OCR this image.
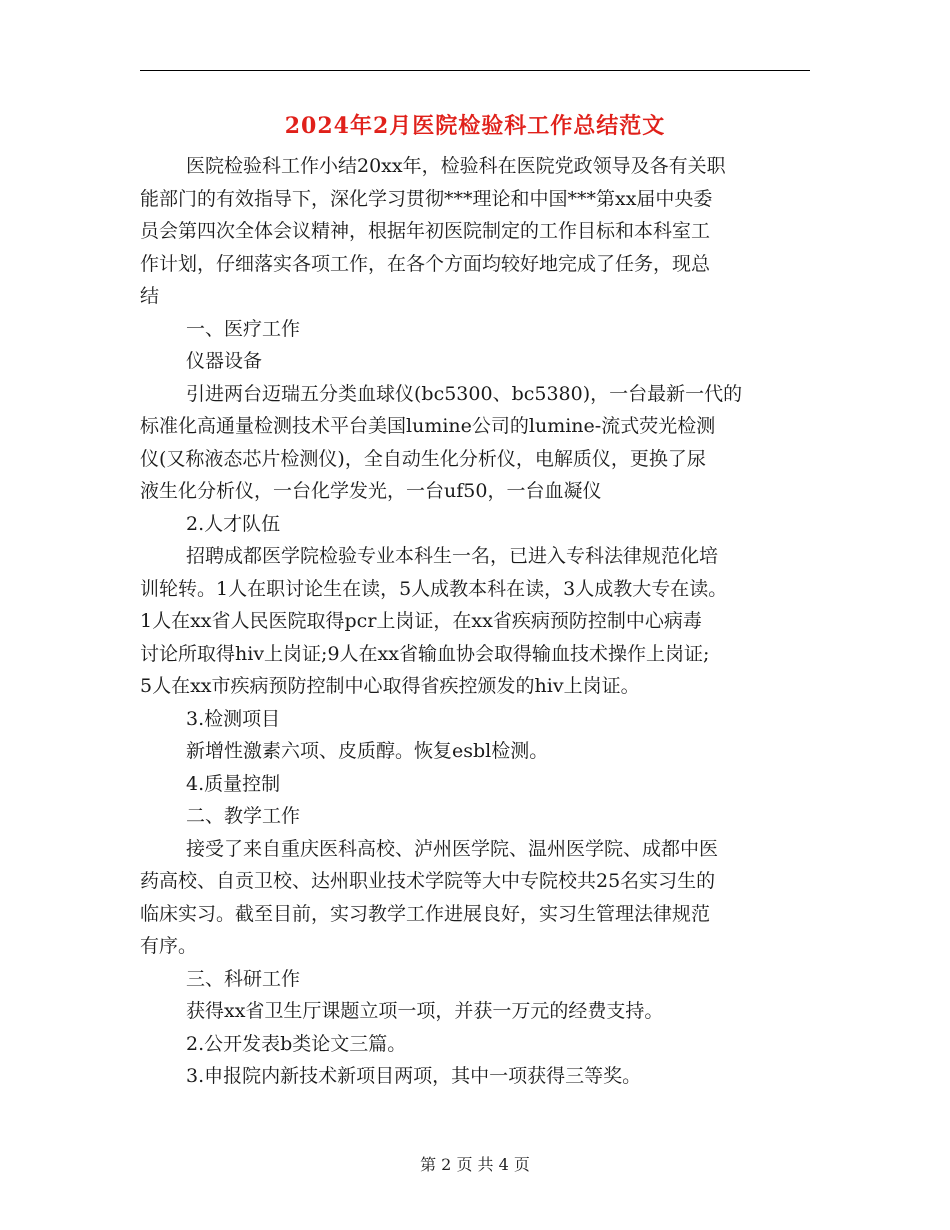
2024年2月医院检验科工作总结范文
医院检验科工作小结20xx年，检验科在医院党政领导及各有关职
能部门的有效指导下，深化学习贯彻***理论和中国***第xx届中央委
员会第四次全体会议精神，根据年初医院制定的工作目标和本科室工
作计划，仔细落实各项工作，在各个方面均较好地完成了任务，现总
结
一、医疗工作
仪器设备
引进两台迈瑞五分类血球仪(bc5300、bc5380)，一台最新一代的
标准化高通量检测技术平台美国lumine公司的lumine-流式荧光检测
仪(又称液态芯片检测仪)，全自动生化分析仪，电解质仪，更换了尿
液生化分析仪，一台化学发光，一台uf50，一台血凝仪
2.人才队伍
招聘成都医学院检验专业本科生一名，已进入专科法律规范化培
训轮转。1人在职讨论生在读，5人成教本科在读，3人成教大专在读。
1人在xx省人民医院取得pcr上岗证，在xx省疾病预防控制中心病毒
讨论所取得hiv上岗证;9人在xx省输血协会取得输血技术操作上岗证;
5人在xx市疾病预防控制中心取得省疾控颁发的hiv上岗证。
3.检测项目
新增性激素六项、皮质醇。恢复esbl检测。
4.质量控制
二、教学工作
接受了来自重庆医科高校、泸州医学院、温州医学院、成都中医
药高校、自贡卫校、达州职业技术学院等大中专院校共25名实习生的
临床实习。截至目前，实习教学工作进展良好，实习生管理法律规范
有序。
三、科研工作
获得xx省卫生厅课题立项一项，并获一万元的经费支持。
2.公开发表b类论文三篇。
3.申报院内新技术新项目两项，其中一项获得三等奖。
第 2 页 共 4 页
